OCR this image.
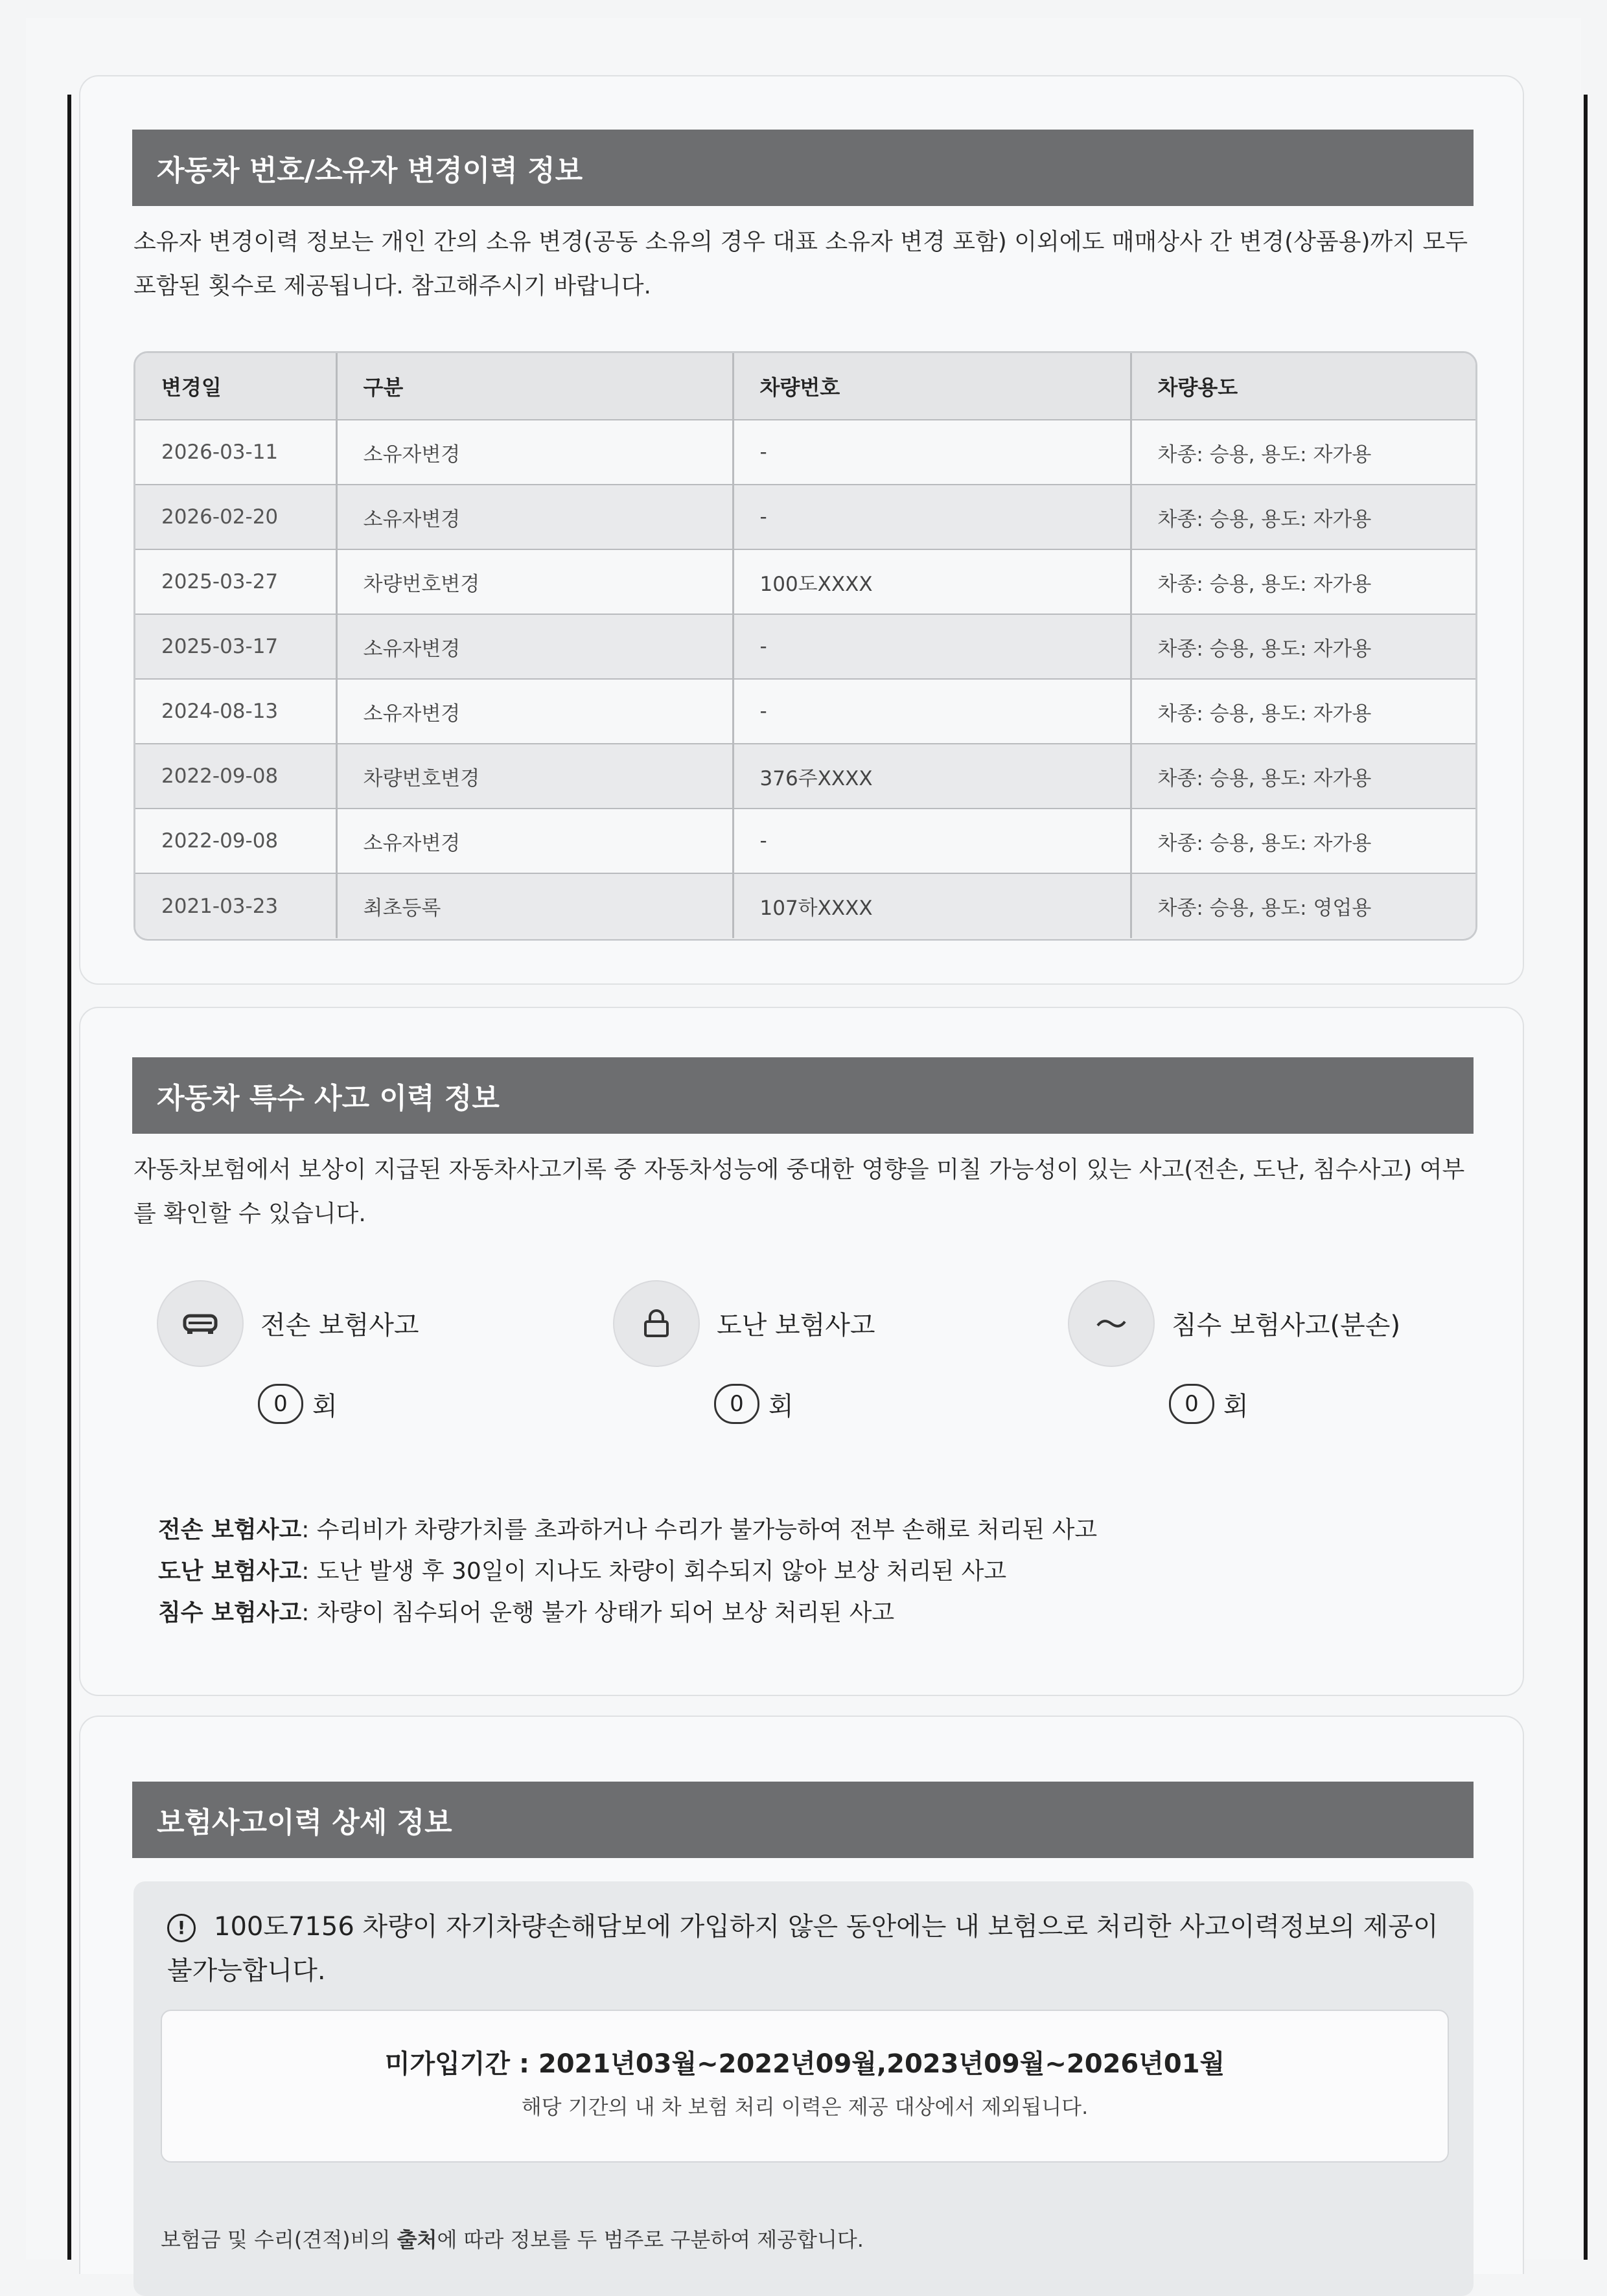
자동차 번호/소유자 변경이력 정보
소유자 변경이력 정보는 개인 간의 소유 변경(공동 소유의 경우 대표 소유자 변경 포함) 이외에도 매매상사 간 변경(상품용)까지 모두 포함된 횟수로 제공됩니다. 참고해주시기 바랍니다.
변경일	구분	차량번호	차량용도
2026-03-11	소유자변경	-	차종: 승용, 용도: 자가용
2026-02-20	소유자변경	-	차종: 승용, 용도: 자가용
2025-03-27	차량번호변경	100도XXXX	차종: 승용, 용도: 자가용
2025-03-17	소유자변경	-	차종: 승용, 용도: 자가용
2024-08-13	소유자변경	-	차종: 승용, 용도: 자가용
2022-09-08	차량번호변경	376주XXXX	차종: 승용, 용도: 자가용
2022-09-08	소유자변경	-	차종: 승용, 용도: 자가용
2021-03-23	최초등록	107하XXXX	차종: 승용, 용도: 영업용
자동차 특수 사고 이력 정보
자동차보험에서 보상이 지급된 자동차사고기록 중 자동차성능에 중대한 영향을 미칠 가능성이 있는 사고(전손, 도난, 침수사고) 여부를 확인할 수 있습니다.
전손 보험사고
0 회
도난 보험사고
0 회
침수 보험사고(분손)
0 회
전손 보험사고: 수리비가 차량가치를 초과하거나 수리가 불가능하여 전부 손해로 처리된 사고
도난 보험사고: 도난 발생 후 30일이 지나도 차량이 회수되지 않아 보상 처리된 사고
침수 보험사고: 차량이 침수되어 운행 불가 상태가 되어 보상 처리된 사고
보험사고이력 상세 정보
! 100도7156 차량이 자기차량손해담보에 가입하지 않은 동안에는 내 보험으로 처리한 사고이력정보의 제공이 불가능합니다.
미가입기간 : 2021년03월~2022년09월,2023년09월~2026년01월
해당 기간의 내 차 보험 처리 이력은 제공 대상에서 제외됩니다.
보험금 및 수리(견적)비의 출처에 따라 정보를 두 범주로 구분하여 제공합니다.
